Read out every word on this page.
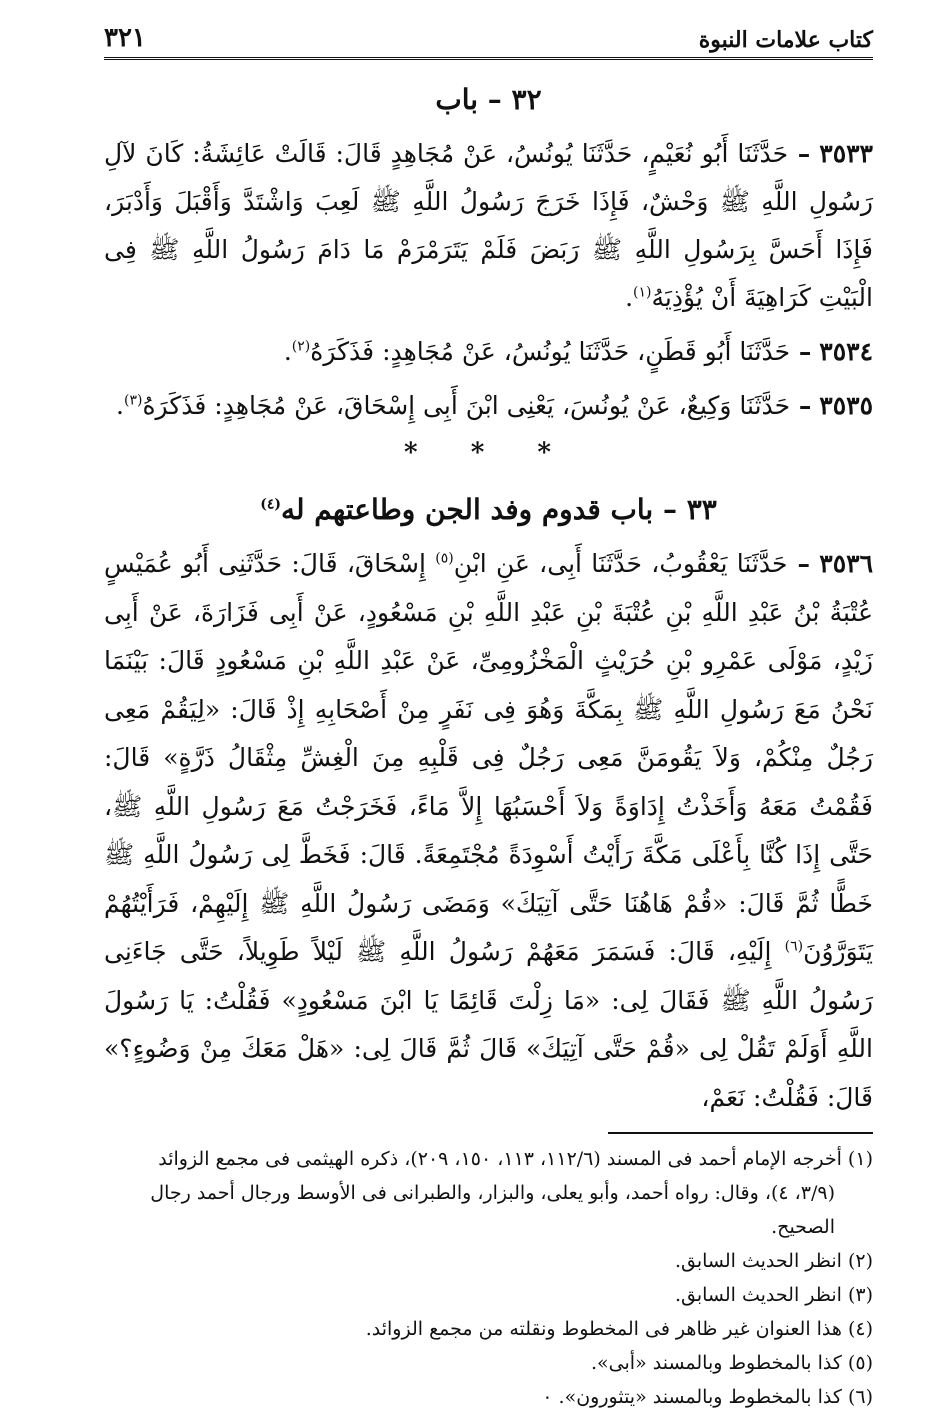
كتاب علامات النبوة
٣٢١
٣٢ – باب

٣٥٣٣ – حَدَّثَنَا أَبُو نُعَيْمٍ، حَدَّثَنَا يُونُسُ، عَنْ مُجَاهِدٍ قَالَ: قَالَتْ عَائِشَةُ: كَانَ لآلِ رَسُولِ اللَّهِ ﷺ وَحْشٌ، فَإِذَا خَرَجَ رَسُولُ اللَّهِ ﷺ لَعِبَ وَاشْتَدَّ وَأَقْبَلَ وَأَدْبَرَ، فَإِذَا أَحَسَّ بِرَسُولِ اللَّهِ ﷺ رَبَضَ فَلَمْ يَتَرَمْرَمْ مَا دَامَ رَسُولُ اللَّهِ ﷺ فِى الْبَيْتِ كَرَاهِيَةَ أَنْ يُؤْذِيَهُ$^{(١)}$.

٣٥٣٤ – حَدَّثَنَا أَبُو قَطَنٍ، حَدَّثَنَا يُونُسُ، عَنْ مُجَاهِدٍ: فَذَكَرَهُ$^{(٢)}$.

٣٥٣٥ – حَدَّثَنَا وَكِيعٌ، عَنْ يُونُسَ، يَعْنِى ابْنَ أَبِى إِسْحَاقَ، عَنْ مُجَاهِدٍ: فَذَكَرَهُ$^{(٣)}$.

* * *
٣٣ – باب قدوم وفد الجن وطاعتهم له$^{(٤)}$

٣٥٣٦ – حَدَّثَنَا يَعْقُوبُ، حَدَّثَنَا أَبِى، عَنِ ابْنِ$^{(٥)}$ إِسْحَاقَ، قَالَ: حَدَّثَنِى أَبُو عُمَيْسٍ عُتْبَةُ بْنُ عَبْدِ اللَّهِ بْنِ عُتْبَةَ بْنِ عَبْدِ اللَّهِ بْنِ مَسْعُودٍ، عَنْ أَبِى فَزَارَةَ، عَنْ أَبِى زَيْدٍ، مَوْلَى عَمْرِو بْنِ حُرَيْثٍ الْمَخْزُومِىِّ، عَنْ عَبْدِ اللَّهِ بْنِ مَسْعُودٍ قَالَ: بَيْنَمَا نَحْنُ مَعَ رَسُولِ اللَّهِ ﷺ بِمَكَّةَ وَهُوَ فِى نَفَرٍ مِنْ أَصْحَابِهِ إِذْ قَالَ: «لِيَقُمْ مَعِى رَجُلٌ مِنْكُمْ، وَلاَ يَقُومَنَّ مَعِى رَجُلٌ فِى قَلْبِهِ مِنَ الْغِشِّ مِثْقَالُ ذَرَّةٍ» قَالَ: فَقُمْتُ مَعَهُ وَأَخَذْتُ إِدَاوَةً وَلاَ أَحْسَبُهَا إِلاَّ مَاءً، فَخَرَجْتُ مَعَ رَسُولِ اللَّهِ ﷺ، حَتَّى إِذَا كُنَّا بِأَعْلَى مَكَّةَ رَأَيْتُ أَسْوِدَةً مُجْتَمِعَةً. قَالَ: فَخَطَّ لِى رَسُولُ اللَّهِ ﷺ خَطًّا ثُمَّ قَالَ: «قُمْ هَاهُنَا حَتَّى آتِيَكَ» وَمَضَى رَسُولُ اللَّهِ ﷺ إِلَيْهِمْ، فَرَأَيْتُهُمْ يَتَوَرَّوُنَ$^{(٦)}$ إِلَيْهِ، قَالَ: فَسَمَرَ مَعَهُمْ رَسُولُ اللَّهِ ﷺ لَيْلاً طَوِيلاً، حَتَّى جَاءَنِى رَسُولُ اللَّهِ ﷺ فَقَالَ لِى: «مَا زِلْتَ قَائِمًا يَا ابْنَ مَسْعُودٍ» فَقُلْتُ: يَا رَسُولَ اللَّهِ أَوَلَمْ تَقُلْ لِى «قُمْ حَتَّى آتِيَكَ» قَالَ ثُمَّ قَالَ لِى: «هَلْ مَعَكَ مِنْ وَضُوءٍ؟» قَالَ: فَقُلْتُ: نَعَمْ،

(١) أخرجه الإمام أحمد فى المسند (١١٢/٦، ١١٣، ١٥٠، ٢٠٩)، ذكره الهيثمى فى مجمع الزوائد
(٣/٩، ٤)، وقال: رواه أحمد، وأبو يعلى، والبزار، والطبرانى فى الأوسط ورجال أحمد رجال الصحيح.

(٢) انظر الحديث السابق.

(٣) انظر الحديث السابق.

(٤) هذا العنوان غير ظاهر فى المخطوط ونقلته من مجمع الزوائد.

(٥) كذا بالمخطوط وبالمسند «أبى».

(٦) كذا بالمخطوط وبالمسند «يتثورون». ٠
